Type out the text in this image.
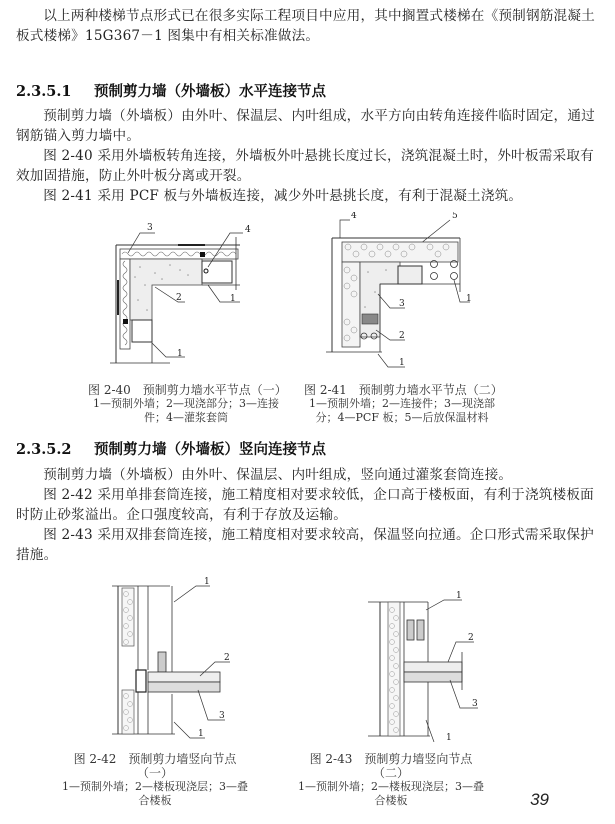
以上两种楼梯节点形式已在很多实际工程项目中应用，其中搁置式楼梯在《预制钢筋混凝土板式楼梯》15G367－1 图集中有相关标准做法。
2.3.5.1 预制剪力墙（外墙板）水平连接节点
预制剪力墙（外墙板）由外叶、保温层、内叶组成，水平方向由转角连接件临时固定，通过钢筋锚入剪力墙中。
图 2-40 采用外墙板转角连接，外墙板外叶悬挑长度过长，浇筑混凝土时，外叶板需采取有效加固措施，防止外叶板分离或开裂。
图 2-41 采用 PCF 板与外墙板连接，减少外叶悬挑长度，有利于混凝土浇筑。
3	4
2	1
1
4	5
1
3
2
1
图 2-40　预制剪力墙水平节点（一）
1—预制外墙；2—现浇部分；3—连接件；4—灌浆套筒
图 2-41　预制剪力墙水平节点（二）
1—预制外墙；2—连接件；3—现浇部分；4—PCF 板；5—后放保温材料
2.3.5.2 预制剪力墙（外墙板）竖向连接节点
预制剪力墙（外墙板）由外叶、保温层、内叶组成，竖向通过灌浆套筒连接。
图 2-42 采用单排套筒连接，施工精度相对要求较低，企口高于楼板面，有利于浇筑楼板面时防止砂浆溢出。企口强度较高，有利于存放及运输。
图 2-43 采用双排套筒连接，施工精度相对要求较高，保温竖向拉通。企口形式需采取保护措施。
1
2
3
1
1
2
3
1
图 2-42　预制剪力墙竖向节点（一）
1—预制外墙；2—楼板现浇层；3—叠合楼板
图 2-43　预制剪力墙竖向节点（二）
1—预制外墙；2—楼板现浇层；3—叠合楼板	39
